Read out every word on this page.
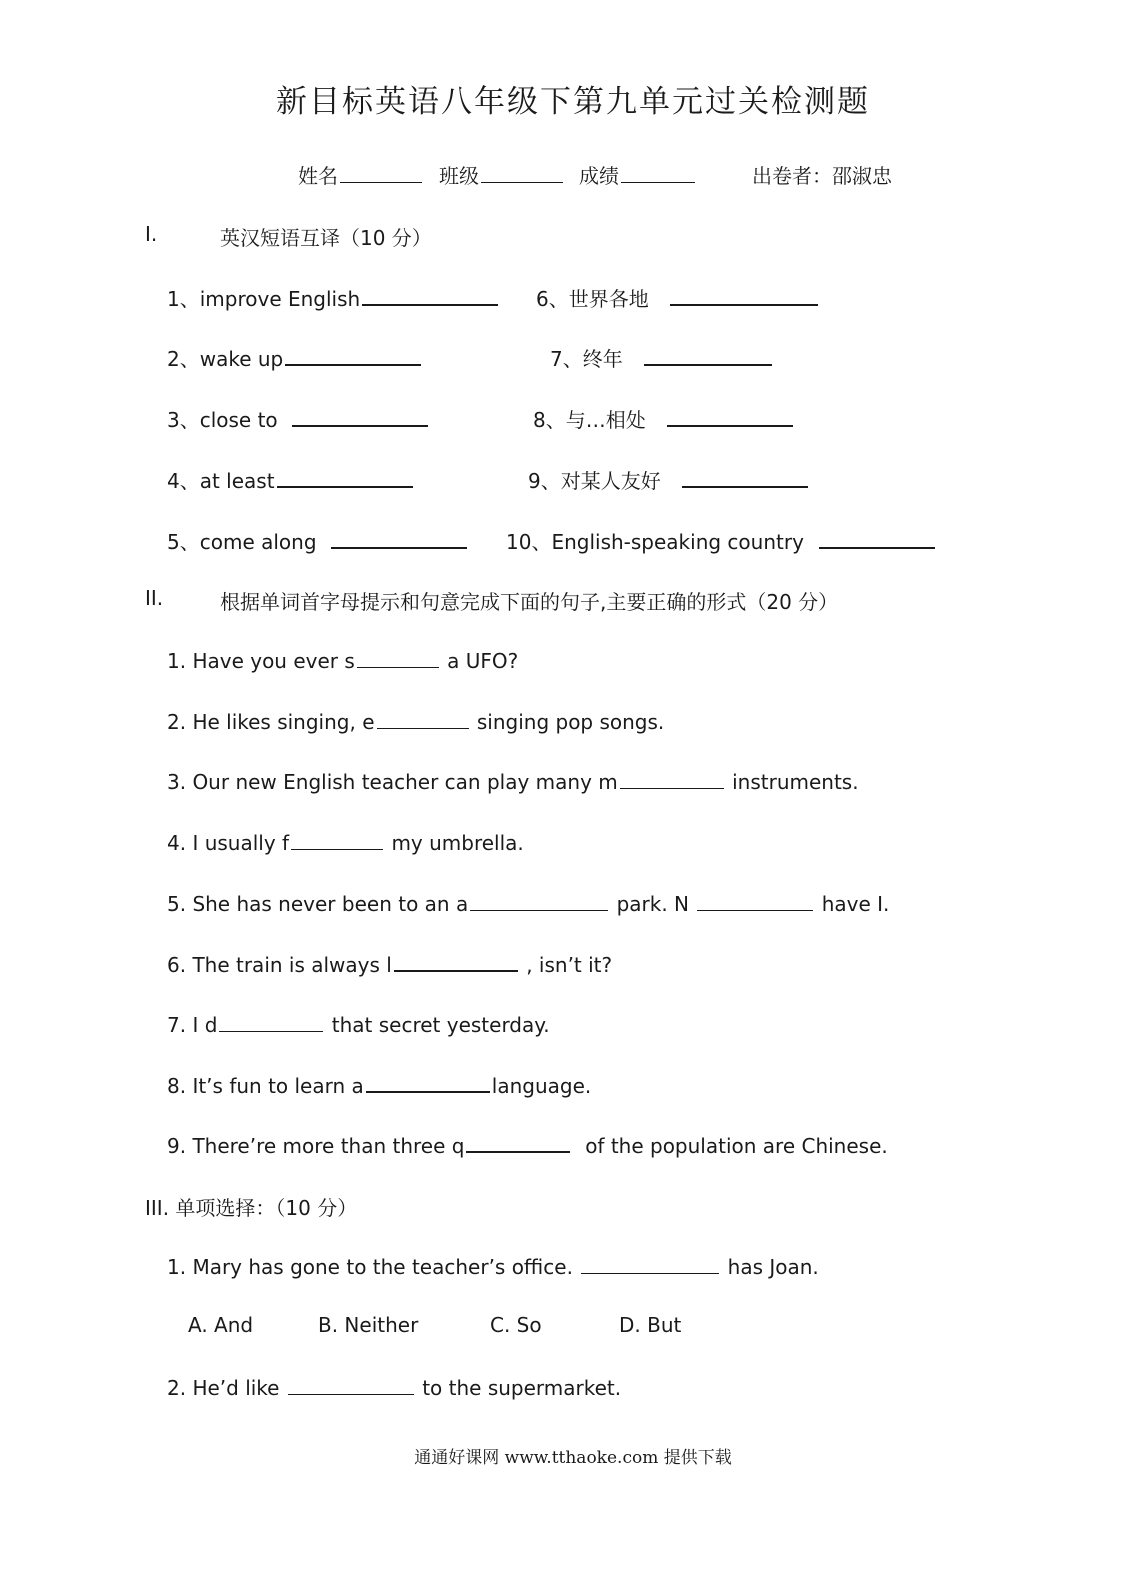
新目标英语八年级下第九单元过关检测题
姓名	班级	成绩	出卷者：邵淑忠
I.	英汉短语互译（10 分）
1、improve English
2、wake up
3、close to
4、at least
5、come along
6、世界各地
7、终年
8、与…相处
9、对某人友好
10、English-speaking country
II.	根据单词首字母提示和句意完成下面的句子,主要正确的形式（20 分）
1. Have you ever s	a UFO?
2. He likes singing, e	singing pop songs.
3. Our new English teacher can play many m	instruments.
4. I usually f	my umbrella.
5. She has never been to an a	park. N	have I.
6. The train is always l	, isn’t it?
7. I d	that secret yesterday.
8. It’s fun to learn a	language.
9. There’re more than three q	of the population are Chinese.
III. 单项选择：（10 分）
1. Mary has gone to the teacher’s office.	has Joan.
A. And	B. Neither	C. So	D. But
2. He’d like	to the supermarket.
通通好课网 www.tthaoke.com 提供下载
